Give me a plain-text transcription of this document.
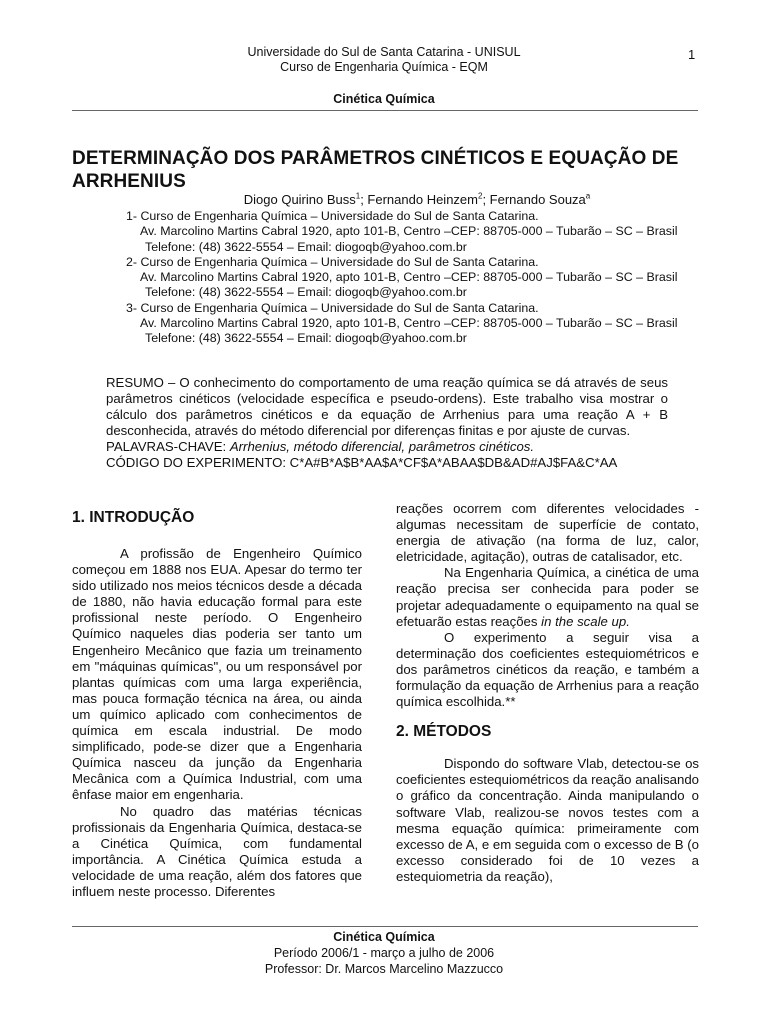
Universidade do Sul de Santa Catarina - UNISUL
Curso de Engenharia Química - EQM
1
Cinética Química
DETERMINAÇÃO DOS PARÂMETROS CINÉTICOS E EQUAÇÃO DE ARRHENIUS
Diogo Quirino Buss$^1$; Fernando Heinzem$^2$; Fernando Souza$^a$
1- Curso de Engenharia Química – Universidade do Sul de Santa Catarina.
Av. Marcolino Martins Cabral 1920, apto 101-B, Centro –CEP: 88705-000 – Tubarão – SC – Brasil
Telefone: (48) 3622-5554 – Email: diogoqb@yahoo.com.br
2- Curso de Engenharia Química – Universidade do Sul de Santa Catarina.
Av. Marcolino Martins Cabral 1920, apto 101-B, Centro –CEP: 88705-000 – Tubarão – SC – Brasil
Telefone: (48) 3622-5554 – Email: diogoqb@yahoo.com.br
3- Curso de Engenharia Química – Universidade do Sul de Santa Catarina.
Av. Marcolino Martins Cabral 1920, apto 101-B, Centro –CEP: 88705-000 – Tubarão – SC – Brasil
Telefone: (48) 3622-5554 – Email: diogoqb@yahoo.com.br
RESUMO – O conhecimento do comportamento de uma reação química se dá através de seus parâmetros cinéticos (velocidade específica e pseudo-ordens). Este trabalho visa mostrar o cálculo dos parâmetros cinéticos e da equação de Arrhenius para uma reação A + B desconhecida, através do método diferencial por diferenças finitas e por ajuste de curvas.
PALAVRAS-CHAVE: Arrhenius, método diferencial, parâmetros cinéticos.
CÓDIGO DO EXPERIMENTO: C*A#B*A$B*AA$A*CF$A*ABAA$DB&AD#AJ$FA&C*AA
1. INTRODUÇÃO

A profissão de Engenheiro Químico começou em 1888 nos EUA. Apesar do termo ter sido utilizado nos meios técnicos desde a década de 1880, não havia educação formal para este profissional neste período. O Engenheiro Químico naqueles dias poderia ser tanto um Engenheiro Mecânico que fazia um treinamento em "máquinas químicas", ou um responsável por plantas químicas com uma larga experiência, mas pouca formação técnica na área, ou ainda um químico aplicado com conhecimentos de química em escala industrial. De modo simplificado, pode-se dizer que a Engenharia Química nasceu da junção da Engenharia Mecânica com a Química Industrial, com uma ênfase maior em engenharia.

No quadro das matérias técnicas profissionais da Engenharia Química, destaca-se a Cinética Química, com fundamental importância. A Cinética Química estuda a velocidade de uma reação, além dos fatores que influem neste processo. Diferentes

reações ocorrem com diferentes velocidades - algumas necessitam de superfície de contato, energia de ativação (na forma de luz, calor, eletricidade, agitação), outras de catalisador, etc.

Na Engenharia Química, a cinética de uma reação precisa ser conhecida para poder se projetar adequadamente o equipamento na qual se efetuarão estas reações in the scale up.

O experimento a seguir visa a determinação dos coeficientes estequiométricos e dos parâmetros cinéticos da reação, e também a formulação da equação de Arrhenius para a reação química escolhida.**

2. MÉTODOS

Dispondo do software Vlab, detectou-se os coeficientes estequiométricos da reação analisando o gráfico da concentração. Ainda manipulando o software Vlab, realizou-se novos testes com a mesma equação química: primeiramente com excesso de A, e em seguida com o excesso de B (o excesso considerado foi de 10 vezes a estequiometria da reação),

Cinética Química
Período 2006/1 - março a julho de 2006
Professor: Dr. Marcos Marcelino Mazzucco
